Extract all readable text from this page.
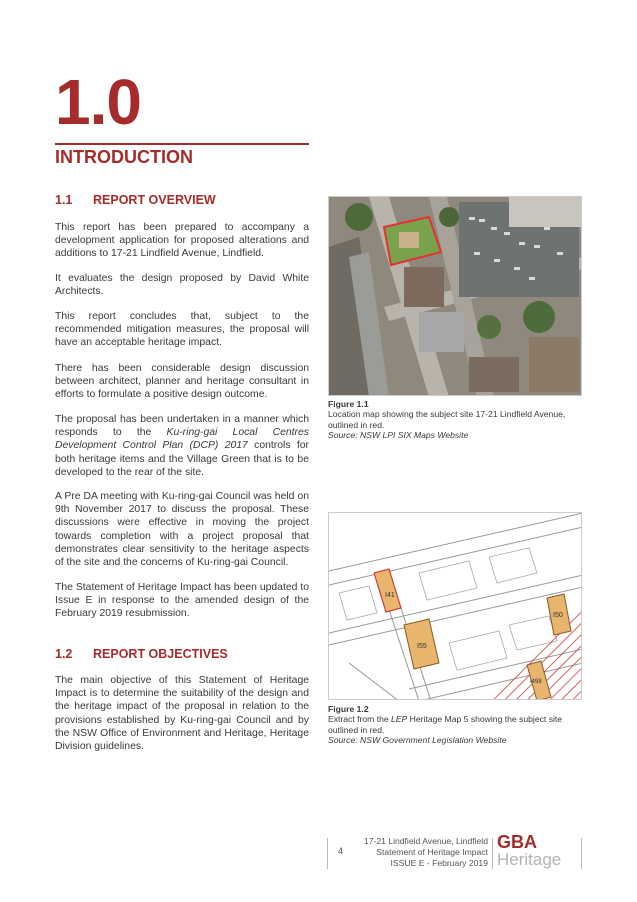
1.0
INTRODUCTION
1.1 REPORT OVERVIEW
This report has been prepared to accompany a development application for proposed alterations and additions to 17-21 Lindfield Avenue, Lindfield.
It evaluates the design proposed by David White Architects.
This report concludes that, subject to the recommended mitigation measures, the proposal will have an acceptable heritage impact.
There has been considerable design discussion between architect, planner and heritage consultant in efforts to formulate a positive design outcome.
The proposal has been undertaken in a manner which responds to the Ku-ring-gai Local Centres Development Control Plan (DCP) 2017 controls for both heritage items and the Village Green that is to be developed to the rear of the site.
A Pre DA meeting with Ku-ring-gai Council was held on 9th November 2017 to discuss the proposal. These discussions were effective in moving the project towards completion with a project proposal that demonstrates clear sensitivity to the heritage aspects of the site and the concerns of Ku-ring-gai Council.
The Statement of Heritage Impact has been updated to Issue E in response to the amended design of the February 2019 resubmission.
1.2 REPORT OBJECTIVES
The main objective of this Statement of Heritage Impact is to determine the suitability of the design and the heritage impact of the proposal in relation to the provisions established by Ku-ring-gai Council and by the NSW Office of Environment and Heritage, Heritage Division guidelines.
Figure 1.1
Location map showing the subject site 17-21 Lindfield Avenue, outlined in red.
Source: NSW LPI SIX Maps Website
I41
I55
I50
I498
Figure 1.2
Extract from the LEP Heritage Map 5 showing the subject site outlined in red.
Source: NSW Government Legislation Website
4
17-21 Lindfield Avenue, Lindfield
Statement of Heritage Impact
ISSUE E - February 2019
GBA
Heritage
